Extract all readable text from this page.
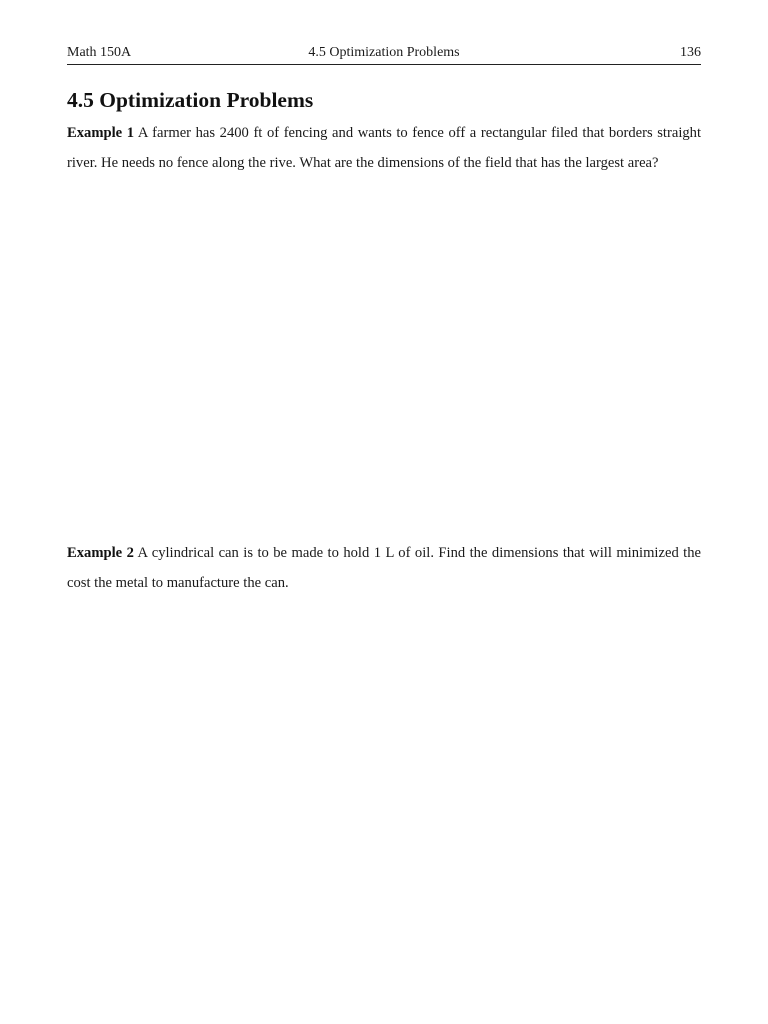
Math 150A	4.5 Optimization Problems	136
4.5 Optimization Problems

Example 1 A farmer has 2400 ft of fencing and wants to fence off a rectangular filed that borders straight river. He needs no fence along the rive. What are the dimensions of the field that has the largest area?

Example 2 A cylindrical can is to be made to hold 1 L of oil. Find the dimensions that will minimized the cost the metal to manufacture the can.
